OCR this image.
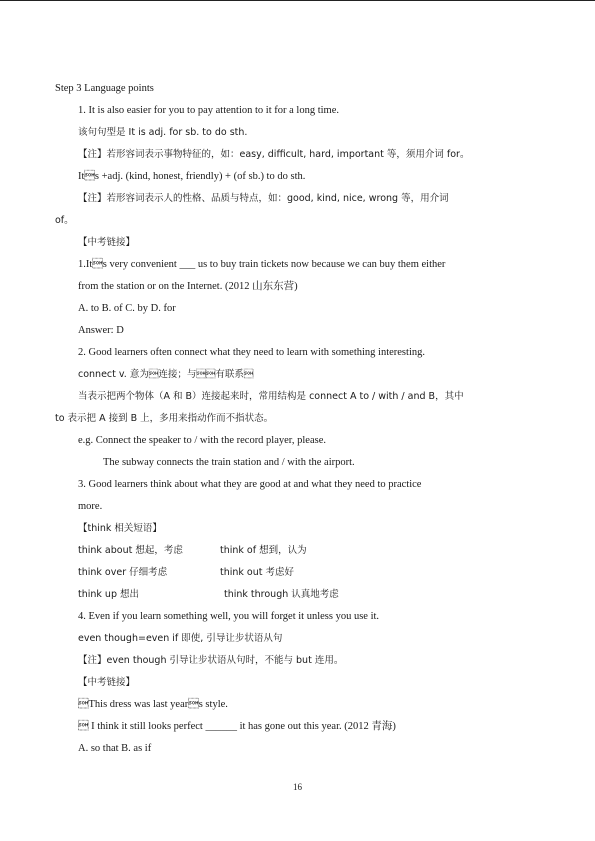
Step 3 Language points
1. It is also easier for you to pay attention to it for a long time.
该句句型是 It is adj. for sb. to do sth.
【注】若形容词表示事物特征的，如：easy, difficult, hard, important 等，须用介词 for。
Its +adj. (kind, honest, friendly) + (of sb.) to do sth.
【注】若形容词表示人的性格、品质与特点，如：good, kind, nice, wrong 等，用介词
of。
【中考链接】
1.Its very convenient ___ us to buy train tickets now because we can buy them either
from the station or on the Internet. (2012 山东东营)
A. to B. of C. by D. for
Answer: D
2. Good learners often connect what they need to learn with something interesting.
connect v. 意为连接；与有联系
当表示把两个物体（A 和 B）连接起来时，常用结构是 connect A to / with / and B，其中
to 表示把 A 接到 B 上，多用来指动作而不指状态。
e.g. Connect the speaker to / with the record player, please.
The subway connects the train station and / with the airport.
3. Good learners think about what they are good at and what they need to practice
more.
【think 相关短语】
think about 想起，考虑	think of 想到，认为
think over 仔细考虑	think out 考虑好
think up 想出	think through 认真地考虑
4. Even if you learn something well, you will forget it unless you use it.
even though=even if 即使, 引导让步状语从句
【注】even though 引导让步状语从句时，不能与 but 连用。
【中考链接】
This dress was last years style.
 I think it still looks perfect ______ it has gone out this year. (2012 青海)
A. so that B. as if
16
